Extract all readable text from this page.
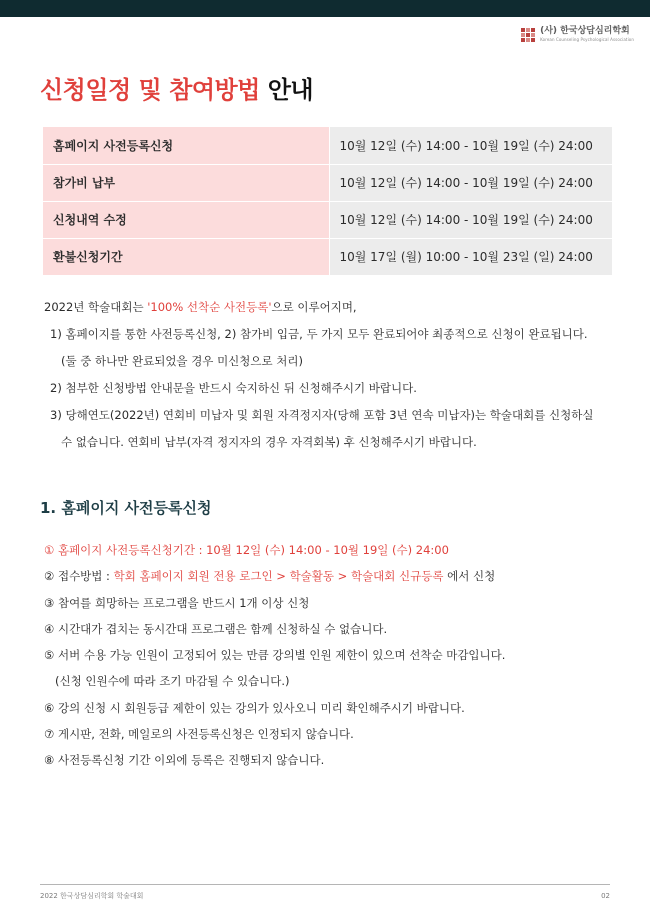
(사) 한국상담심리학회
Korean Counseling Psychological Association
신청일정 및 참여방법 안내
홈페이지 사전등록신청	10월 12일 (수) 14:00 - 10월 19일 (수) 24:00
참가비 납부	10월 12일 (수) 14:00 - 10월 19일 (수) 24:00
신청내역 수정	10월 12일 (수) 14:00 - 10월 19일 (수) 24:00
환불신청기간	10월 17일 (월) 10:00 - 10월 23일 (일) 24:00
2022년 학술대회는 '100% 선착순 사전등록'으로 이루어지며,
1) 홈페이지를 통한 사전등록신청, 2) 참가비 입금, 두 가지 모두 완료되어야 최종적으로 신청이 완료됩니다.
(둘 중 하나만 완료되었을 경우 미신청으로 처리)
2) 첨부한 신청방법 안내문을 반드시 숙지하신 뒤 신청해주시기 바랍니다.
3) 당해연도(2022년) 연회비 미납자 및 회원 자격정지자(당해 포함 3년 연속 미납자)는 학술대회를 신청하실
수 없습니다. 연회비 납부(자격 정지자의 경우 자격회복) 후 신청해주시기 바랍니다.
1. 홈페이지 사전등록신청
① 홈페이지 사전등록신청기간 : 10월 12일 (수) 14:00 - 10월 19일 (수) 24:00
② 접수방법 : 학회 홈페이지 회원 전용 로그인 > 학술활동 > 학술대회 신규등록 에서 신청
③ 참여를 희망하는 프로그램을 반드시 1개 이상 신청
④ 시간대가 겹치는 동시간대 프로그램은 함께 신청하실 수 없습니다.
⑤ 서버 수용 가능 인원이 고정되어 있는 만큼 강의별 인원 제한이 있으며 선착순 마감입니다.
(신청 인원수에 따라 조기 마감될 수 있습니다.)
⑥ 강의 신청 시 회원등급 제한이 있는 강의가 있사오니 미리 확인해주시기 바랍니다.
⑦ 게시판, 전화, 메일로의 사전등록신청은 인정되지 않습니다.
⑧ 사전등록신청 기간 이외에 등록은 진행되지 않습니다.
2022 한국상담심리학회 학술대회	02
